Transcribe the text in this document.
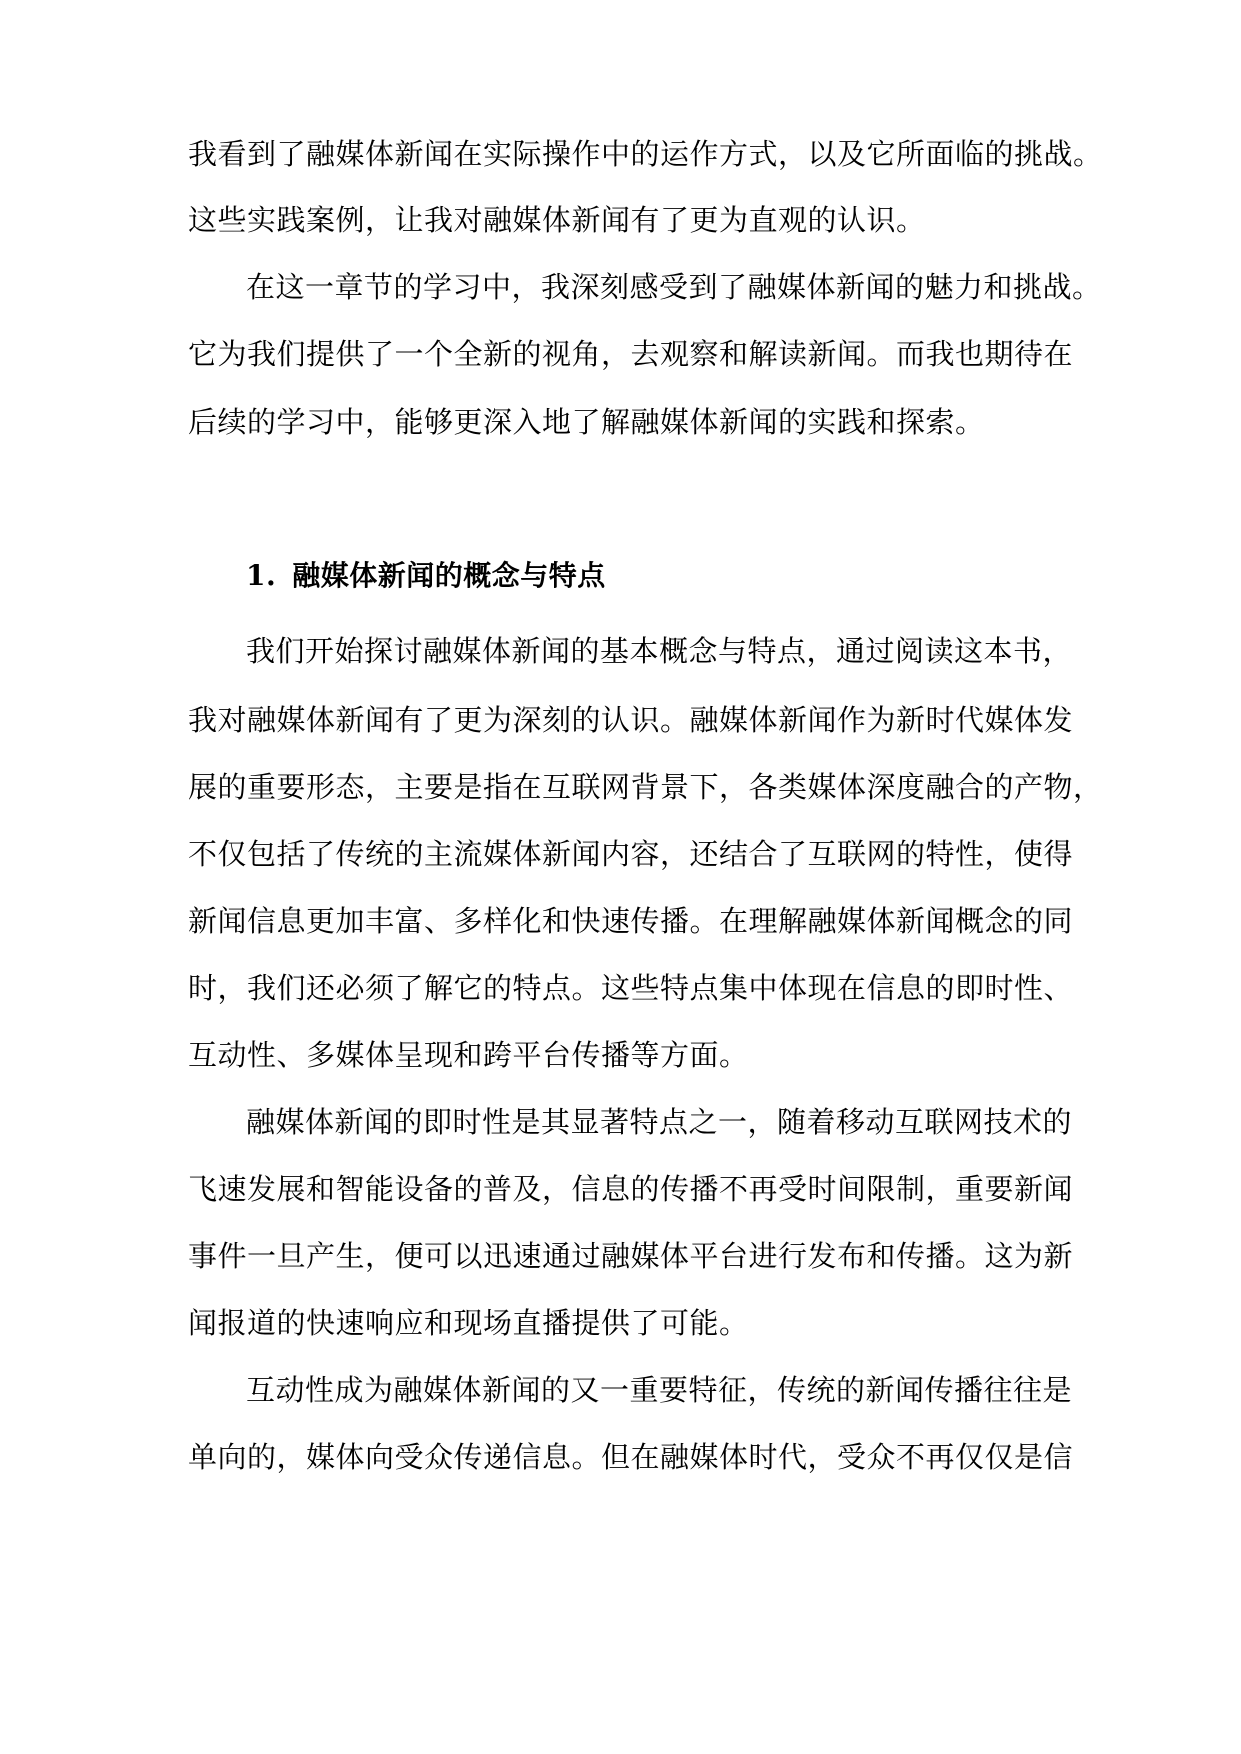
我看到了融媒体新闻在实际操作中的运作方式，以及它所面临的挑战。
这些实践案例，让我对融媒体新闻有了更为直观的认识。
在这一章节的学习中，我深刻感受到了融媒体新闻的魅力和挑战。
它为我们提供了一个全新的视角，去观察和解读新闻。而我也期待在
后续的学习中，能够更深入地了解融媒体新闻的实践和探索。
1. 融媒体新闻的概念与特点
我们开始探讨融媒体新闻的基本概念与特点，通过阅读这本书，
我对融媒体新闻有了更为深刻的认识。融媒体新闻作为新时代媒体发
展的重要形态，主要是指在互联网背景下，各类媒体深度融合的产物，
不仅包括了传统的主流媒体新闻内容，还结合了互联网的特性，使得
新闻信息更加丰富、多样化和快速传播。在理解融媒体新闻概念的同
时，我们还必须了解它的特点。这些特点集中体现在信息的即时性、
互动性、多媒体呈现和跨平台传播等方面。
融媒体新闻的即时性是其显著特点之一，随着移动互联网技术的
飞速发展和智能设备的普及，信息的传播不再受时间限制，重要新闻
事件一旦产生，便可以迅速通过融媒体平台进行发布和传播。这为新
闻报道的快速响应和现场直播提供了可能。
互动性成为融媒体新闻的又一重要特征，传统的新闻传播往往是
单向的，媒体向受众传递信息。但在融媒体时代，受众不再仅仅是信
